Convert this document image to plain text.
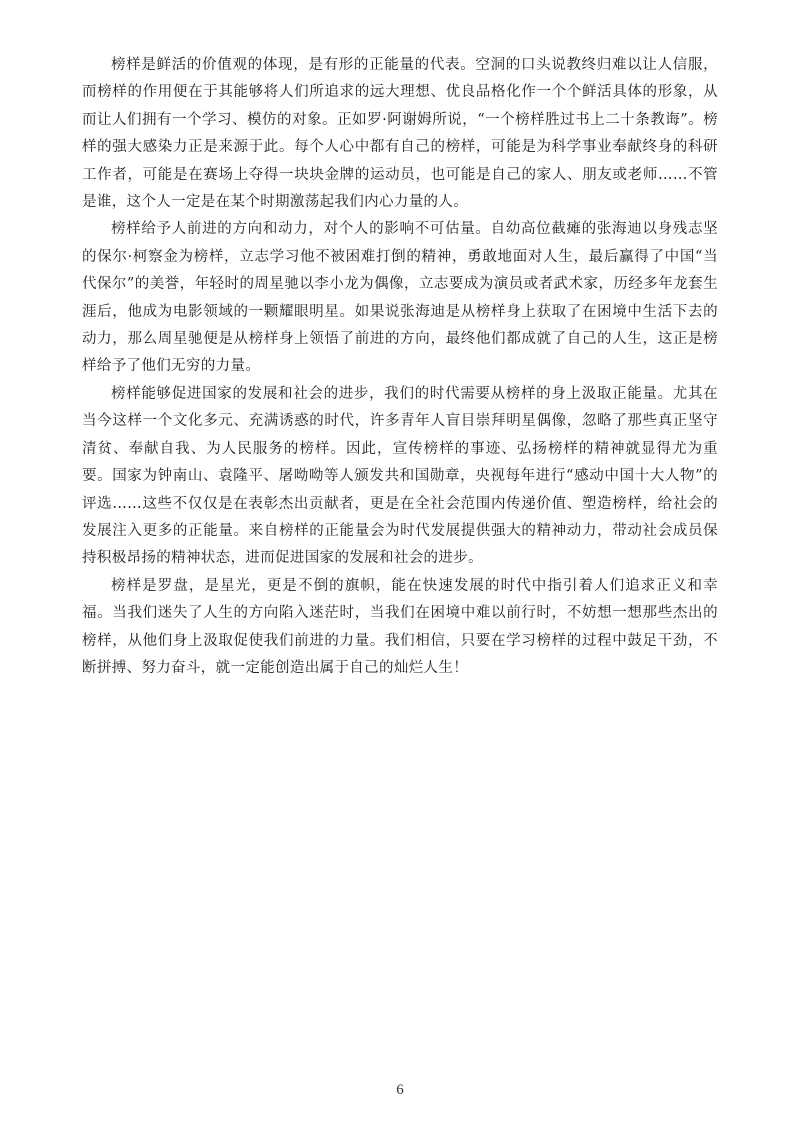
榜样是鲜活的价值观的体现，是有形的正能量的代表。空洞的口头说教终归难以让人信服，而榜样的作用便在于其能够将人们所追求的远大理想、优良品格化作一个个鲜活具体的形象，从而让人们拥有一个学习、模仿的对象。正如罗·阿谢姆所说，“一个榜样胜过书上二十条教诲”。榜样的强大感染力正是来源于此。每个人心中都有自己的榜样，可能是为科学事业奉献终身的科研工作者，可能是在赛场上夺得一块块金牌的运动员，也可能是自己的家人、朋友或老师……不管是谁，这个人一定是在某个时期激荡起我们内心力量的人。

榜样给予人前进的方向和动力，对个人的影响不可估量。自幼高位截瘫的张海迪以身残志坚的保尔·柯察金为榜样，立志学习他不被困难打倒的精神，勇敢地面对人生，最后赢得了中国“当代保尔”的美誉，年轻时的周星驰以李小龙为偶像，立志要成为演员或者武术家，历经多年龙套生涯后，他成为电影领域的一颗耀眼明星。如果说张海迪是从榜样身上获取了在困境中生活下去的动力，那么周星驰便是从榜样身上领悟了前进的方向，最终他们都成就了自己的人生，这正是榜样给予了他们无穷的力量。

榜样能够促进国家的发展和社会的进步，我们的时代需要从榜样的身上汲取正能量。尤其在当今这样一个文化多元、充满诱惑的时代，许多青年人盲目崇拜明星偶像，忽略了那些真正坚守清贫、奉献自我、为人民服务的榜样。因此，宣传榜样的事迹、弘扬榜样的精神就显得尤为重要。国家为钟南山、袁隆平、屠呦呦等人颁发共和国勋章，央视每年进行“感动中国十大人物”的评选……这些不仅仅是在表彰杰出贡献者，更是在全社会范围内传递价值、塑造榜样，给社会的发展注入更多的正能量。来自榜样的正能量会为时代发展提供强大的精神动力，带动社会成员保持积极昂扬的精神状态，进而促进国家的发展和社会的进步。

榜样是罗盘，是星光，更是不倒的旗帜，能在快速发展的时代中指引着人们追求正义和幸福。当我们迷失了人生的方向陷入迷茫时，当我们在困境中难以前行时，不妨想一想那些杰出的榜样，从他们身上汲取促使我们前进的力量。我们相信，只要在学习榜样的过程中鼓足干劲，不断拼搏、努力奋斗，就一定能创造出属于自己的灿烂人生！

6
